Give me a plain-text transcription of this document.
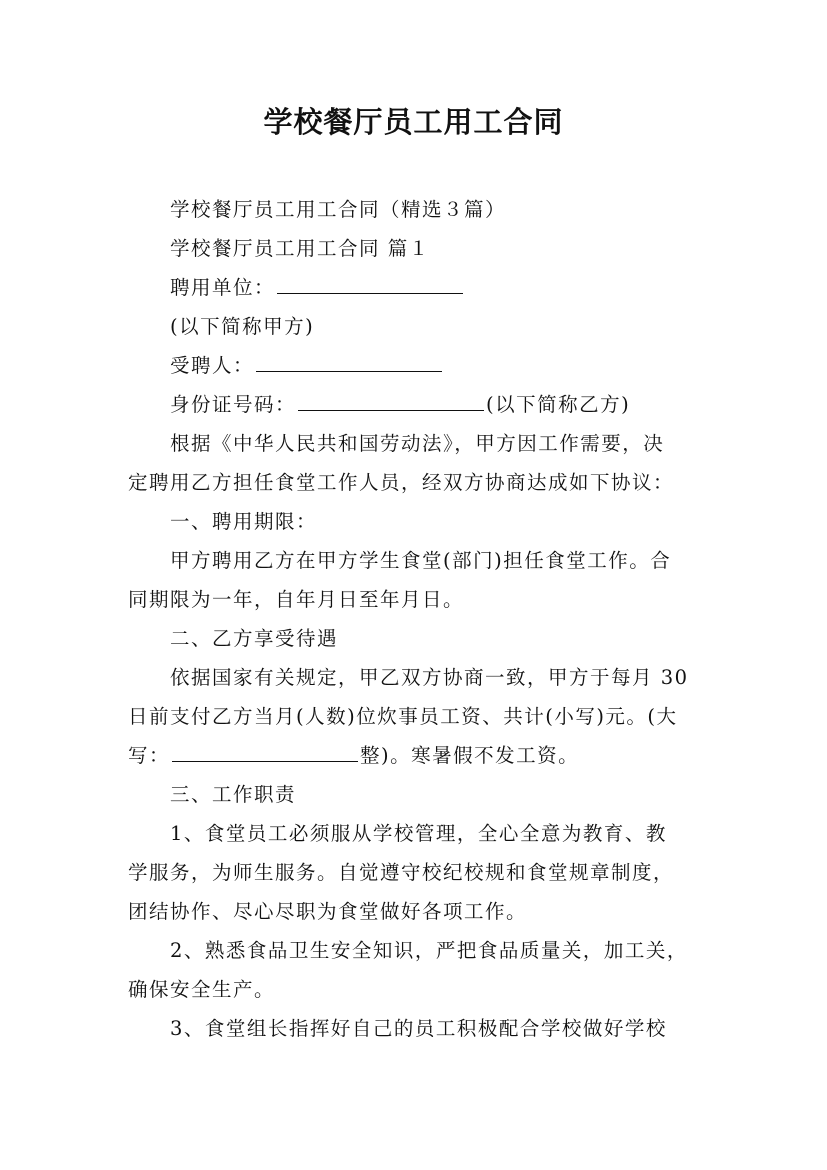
学校餐厅员工用工合同
学校餐厅员工用工合同（精选３篇）
学校餐厅员工用工合同 篇１
聘用单位：
(以下简称甲方)
受聘人：
身份证号码：	(以下简称乙方)
根据《中华人民共和国劳动法》，甲方因工作需要，决
定聘用乙方担任食堂工作人员，经双方协商达成如下协议：
一、聘用期限：
甲方聘用乙方在甲方学生食堂(部门)担任食堂工作。合
同期限为一年，自年月日至年月日。
二、乙方享受待遇
依据国家有关规定，甲乙双方协商一致，甲方于每月 30
日前支付乙方当月(人数)位炊事员工资、共计(小写)元。(大
写：	整)。寒暑假不发工资。
三、工作职责
1、食堂员工必须服从学校管理，全心全意为教育、教
学服务，为师生服务。自觉遵守校纪校规和食堂规章制度，
团结协作、尽心尽职为食堂做好各项工作。
2、熟悉食品卫生安全知识，严把食品质量关，加工关，
确保安全生产。
3、食堂组长指挥好自己的员工积极配合学校做好学校
